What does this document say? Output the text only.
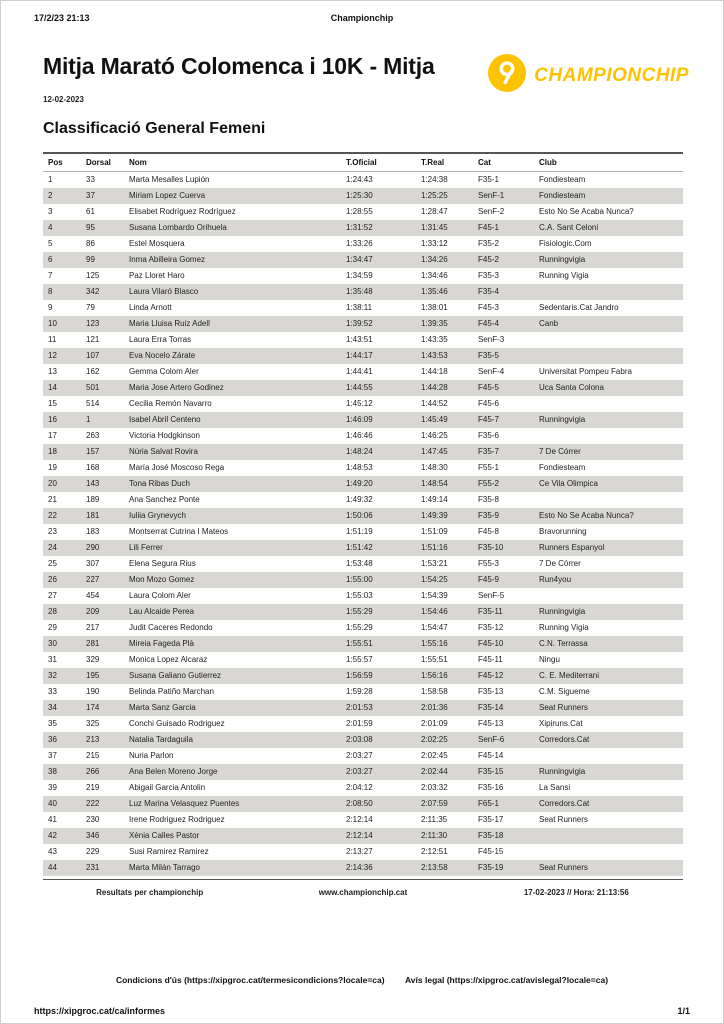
17/2/23 21:13	Championchip
Mitja Marató Colomenca i 10K - Mitja
12-02-2023
CHAMPIONCHIP
Classificació General Femeni
Pos	Dorsal	Nom	T.Oficial	T.Real	Cat	Club
1	33	Marta Mesalles Lupión	1:24:43	1:24:38	F35-1	Fondiesteam
2	37	Miriam Lopez Cuerva	1:25:30	1:25:25	SenF-1	Fondiesteam
3	61	Elisabet Rodríguez Rodríguez	1:28:55	1:28:47	SenF-2	Esto No Se Acaba Nunca?
4	95	Susana Lombardo Orihuela	1:31:52	1:31:45	F45-1	C.A. Sant Celoni
5	86	Estel Mosquera	1:33:26	1:33:12	F35-2	Fisiologic.Com
6	99	Inma Abilleira Gomez	1:34:47	1:34:26	F45-2	Runningvigia
7	125	Paz Lloret Haro	1:34:59	1:34:46	F35-3	Running Vigia
8	342	Laura Vilaró Blasco	1:35:48	1:35:46	F35-4	
9	79	Linda Arnott	1:38:11	1:38:01	F45-3	Sedentaris.Cat Jandro
10	123	Maria Lluisa Ruiz Adell	1:39:52	1:39:35	F45-4	Canb
11	121	Laura Erra Torras	1:43:51	1:43:35	SenF-3	
12	107	Eva Nocelo Zárate	1:44:17	1:43:53	F35-5	
13	162	Gemma Colom Aler	1:44:41	1:44:18	SenF-4	Universitat Pompeu Fabra
14	501	Maria Jose Artero Godinez	1:44:55	1:44:28	F45-5	Uca Santa Colona
15	514	Cecilia Remón Navarro	1:45:12	1:44:52	F45-6	
16	1	Isabel Abril Centeno	1:46:09	1:45:49	F45-7	Runningvigia
17	263	Victoria Hodgkinson	1:46:46	1:46:25	F35-6	
18	157	Núria Salvat Rovira	1:48:24	1:47:45	F35-7	7 De Córrer
19	168	María José Moscoso Rega	1:48:53	1:48:30	F55-1	Fondiesteam
20	143	Tona Ribas Duch	1:49:20	1:48:54	F55-2	Ce Vila Olimpica
21	189	Ana Sanchez Ponte	1:49:32	1:49:14	F35-8	
22	181	Iuliia Grynevych	1:50:06	1:49:39	F35-9	Esto No Se Acaba Nunca?
23	183	Montserrat Cutrina I Mateos	1:51:19	1:51:09	F45-8	Bravorunning
24	290	Lili Ferrer	1:51:42	1:51:16	F35-10	Runners Espanyol
25	307	Elena Segura Rius	1:53:48	1:53:21	F55-3	7 De Córrer
26	227	Mon Mozo Gomez	1:55:00	1:54:25	F45-9	Run4you
27	454	Laura Colom Aler	1:55:03	1:54:39	SenF-5	
28	209	Lau Alcaide Perea	1:55:29	1:54:46	F35-11	Runningvigia
29	217	Judit Caceres Redondo	1:55:29	1:54:47	F35-12	Running Vigia
30	281	Mireia Fageda Plà	1:55:51	1:55:16	F45-10	C.N. Terrassa
31	329	Monica Lopez Alcaraz	1:55:57	1:55:51	F45-11	Ningu
32	195	Susana Galiano Gutierrez	1:56:59	1:56:16	F45-12	C. E. Mediterrani
33	190	Belinda Patiño Marchan	1:59:28	1:58:58	F35-13	C.M. Sigueme
34	174	Marta Sanz Garcia	2:01:53	2:01:36	F35-14	Seat Runners
35	325	Conchi Guisado Rodriguez	2:01:59	2:01:09	F45-13	Xipiruns.Cat
36	213	Natalia Tardaguila	2:03:08	2:02:25	SenF-6	Corredors.Cat
37	215	Nuria Parlon	2:03:27	2:02:45	F45-14	
38	266	Ana Belen Moreno Jorge	2:03:27	2:02:44	F35-15	Runningvigia
39	219	Abigail Garcia Antolin	2:04:12	2:03:32	F35-16	La Sansi
40	222	Luz Marina Velasquez Puentes	2:08:50	2:07:59	F65-1	Corredors.Cat
41	230	Irene Rodriguez Rodriguez	2:12:14	2:11:35	F35-17	Seat Runners
42	346	Xènia Calles Pastor	2:12:14	2:11:30	F35-18	
43	229	Susi Ramirez Ramirez	2:13:27	2:12:51	F45-15	
44	231	Marta Milán Tarrago	2:14:36	2:13:58	F35-19	Seat Runners
Resultats per championchip	www.championchip.cat	17-02-2023 // Hora: 21:13:56
Condicions d'ús (https://xipgroc.cat/termesicondicions?locale=ca) Avís legal (https://xipgroc.cat/avislegal?locale=ca)
https://xipgroc.cat/ca/informes	1/1
